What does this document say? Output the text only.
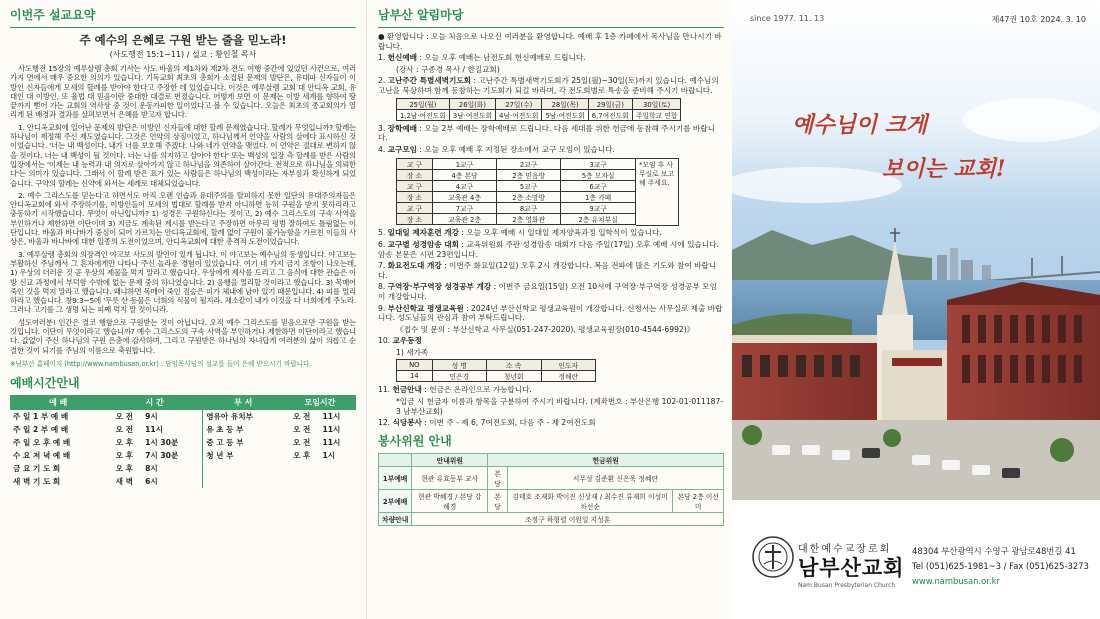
이번주 설교요약
주 예수의 은혜로 구원 받는 줄을 믿노라!
(사도행전 15:1~11) / 설교 : 황인철 목사

사도행전 15장의 예루살렘 총회 기사는 사도 바울의 제1차와 제2차 전도 여행 중간에 있었던 사건으로, 여러 가지 면에서 매우 중요한 의의가 있습니다. 기독교회 최초의 총회가 소집된 문제의 발단은, 유대파 신자들이 이방인 신자들에게 모세의 할례를 받아야 한다고 주장한 데 있었습니다. 이것은 예루살렘 교회 대 안디옥 교회, 유대인 대 이방인, 또 율법 대 믿음이란 중대한 대결로 번졌습니다. 어떻게 보면 이 문제는 이방 세계를 향하여 땅끝까지 뻗어 가는 교회의 역사상 중 것이 운동가피한 일이었다고 볼 수 있습니다. 오늘은 최초의 종교회의가 열리게 된 배경과 결과를 살펴보면서 은혜를 받고자 합니다.

1. 안디옥교회에 일어난 문제의 발단은 이방인 신자들에 대한 할례 문제였습니다. 할례가 무엇입니까? 할례는 하나님이 제정해 주신 제도였습니다. 그것은 언약의 상징이었고, 하나님께서 언약을 사람의 살에다 표시하신 것이었습니다. '너는 내 백성이다. 내가 너를 보호해 주겠다. 나와 네가 언약을 맺었다. 이 언약은 절대로 변하지 않을 것이다. 너는 내 백성이 될 것이다. 너는 나를 의지하고 살아야 한다' 또는 백성의 입장 측 할례를 받은 사람의 입장에서는 '이제는 내 능력과 내 의지로 살아가지 않고 하나님을 의존하여 살아간다. 전적으로 하나님을 의뢰한다'는 의미가 있습니다. 그래서 이 할례 받은 표가 있는 사람들은 하나님의 백성이라는 자부심과 확신하게 되었습니다. 구약의 할례는 신약에 와서는 세례로 대체되었습니다.

2. 예수 그리스도를 믿는다고 하면서도 아직 오랜 인습과 유대주의를 탈피하지 못한 일단의 유대주의자들은 안디옥교회에 와서 주장하기를, 이방인들이 모세의 법대로 할례를 받지 아니하면 능히 구원을 받지 못하리라고 충동하기 시작했습니다. 무엇이 아닌입니까? 1) 성경은 구원하신다는 것이고, 2) 예수 그리스도의 구속 사역을 부인하거나 제한하면 이단이며 3) 지금도 계속된 계시를 받는다고 주장하면 아무리 평범 잘하여도 틀림없는 이단입니다. 바울과 바나바가 중심이 되어 가르치는 안디옥교회에, 할례 없이 구원이 불가능함을 가르친 이들의 사상은, 바울과 바나바에 대한 일종의 도전이었으며, 안디옥교회에 대한 총격적 도전이었습니다.

3. 예루살렘 총회의 의장격인 야고보 사도의 발언이 있게 됩니다. 이 야고보는 예수님의 동생입니다. 야고보는 부활하신 주님께서 그 혼자에게만 나타나 주신 놀라운 경험이 있었습니다. 여기 네 가지 금지 조항이 나오는데, 1) 우상의 더러운 것 곧 우상의 제물을 먹지 말라고 했습니다. 우상에게 제사를 드리고 그 음식에 대한 관습은 이방 신교 과정에서 부덕함 수밖에 없는 문제 중의 하나였습니다. 2) 음행을 멀리할 것이라고 했습니다. 3) 목매어 죽인 것을 먹지 말라고 했습니다. 왜냐하면 목매어 죽인 짐승은 피가 체내에 남아 있기 때문입니다. 4) 피를 멀리하라고 했습니다. 창9:3~5에 '무릇 산 동물은 너희의 식물이 될지라. 채소같이 내가 이것을 다 너희에게 주노라. 그러나 고기를 그 생명 되는 피째 먹지 말 것이니라.

성도여러분! 인간은 결코 행함으로 구원받는 것이 아닙니다. 오직 예수 그리스도를 믿음으로만 구원을 받는 것입니다. 이단이 무엇이라고 했습니까? 예수 그리스도의 구속 사역을 부인하거나 제한하면 이단이라고 했습니다. 값없이 주신 하나님의 구원 은총에 감사하며, 그리고 구원받은 하나님의 자녀답게 여러분의 삶이 의롭고 순결한 것이 되기를 주님의 이름으로 축원합니다.

※남부산 홈페이지 (http://www.nambusan.or.kr) : 담임목사님의 설교를 들어 은혜 받으시기 바랍니다.
예배시간안내
예 배	시 간		부 서	모임시간	
주 일 1 부 예 배	오 전	9시	영유아 유치부	오 전	11시
주 일 2 부 예 배	오 전	11시	유 초 등 부	오 전	11시
주 일 오 후 예 배	오 후	1시 30분	중 고 등 부	오 전	11시
수 요 저 녁 예 배	오 후	7시 30분	청 년 부	오 후	1시
금 요 기 도 회	오 후	8시			
새 벽 기 도 회	새 벽	6시			
남부산 알림마당
● 환영합니다 : 오늘 처음으로 나오신 여러분을 환영합니다. 예배 후 1층 카페에서 목사님을 만나시기 바랍니다.
1. 헌신예배 : 오늘 오후 예배는 남전도회 헌신예배로 드립니다.
(강사 : 구종경 목사 / 한길교회)
2. 고난주간 특별새벽기도회 : 고난주간 특별새벽기도회가 25일(월)~30일(토)까지 있습니다. 예수님의 고난을 묵상하며 함께 동참하는 기도회가 되길 바라며, 각 전도회별로 특송을 준비해 주시기 바랍니다.
25일(월)	26일(화)	27일(수)	28일(목)	29일(금)	30일(토)
1,2남·여전도회	3남·여전도회	4남·여전도회	5남·여전도회	6,7여전도회	주일학교 연합
3. 장학예배 : 오늘 2부 예배는 장학예배로 드립니다. 다음 세대를 위한 헌금에 동참해 주시기를 바랍니다.
4. 교구모임 : 오늘 오후 예배 후 지정된 장소에서 교구 모임이 있습니다.
교 구	1교구	2교구	3교구
장 소	4층 본당	2층 믿음방	5층 모자실
교 구	4교구	5교구	6교구
장 소	교육관 4층	2층 소망방	1층 카페
교 구	7교구	8교구	9교구
장 소	교육관 2층	2층 영화관	2층 유치부실
*모임 후 사무실로 보고해 주세요.
5. 일대일 제자훈련 개강 : 오늘 오후 예배 시 일대일 제자양육과정 입학식이 있습니다.
6. 교구별 성경암송 대회 : 교육위원회 주관 성경암송 대회가 다음 주일(17일) 오후 예배 시에 있습니다. 암송 본문은 시편 23편입니다.
7. 화요전도대 개강 : 이번주 화요일(12일) 오후 2시 개강합니다. 복음 전파에 많은 기도와 참여 바랍니다.
8. 구역장·부구역장 성경공부 개강 : 이번주 금요일(15일) 오전 10시에 구역장·부구역장 성경공부 모임이 개강합니다.
9. 부산신학교 평생교육원 : 2024년 부산신학교 평생교육원이 개강합니다. 신청서는 사무실로 제출 바랍니다. 성도님들의 관심과 참여 부탁드립니다.
《접수 및 문의 : 부산신학교 사무실(051-247-2020), 평생교육원장(010-4544-6992)》
10. 교우동정
1) 새가족
NO	성 명	소 속	인도자
14	민은경	청년회	정해란
11. 헌금안내 : 헌금은 온라인으로 가능합니다.
*입금 시 헌금자 이름과 항목을 구분하여 주시기 바랍니다. (계좌번호 : 부산은행 102-01-011187-3 남부산교회)
12. 식당봉사 : 이번 주 - 제 6, 7여전도회, 다음 주 - 제 2여전도회
봉사위원 안내
	안내위원	헌금위원		
1부예배	현관 유효동부 교사	본당	서무성 김준환 신은욱 정혜란	
2부예배	현관 박혜경 / 본당 강해경	본당	김태호 조재화 박이진 신상재 / 최수진 류재희 이성미 차선순	본당 2층 이선미
차량안내	조정구 하형렬 이원일 지성훈			
since 1977. 11. 13	제47권 10호 2024. 3. 10
예수님이 크게
보이는 교회!
대한예수교장로회
남부산교회
Nam Busan Presbyterian Church
48304 부산광역시 수영구 광남로48번길 41
Tel (051)625-1981~3 / Fax (051)625-3273
www.nambusan.or.kr
